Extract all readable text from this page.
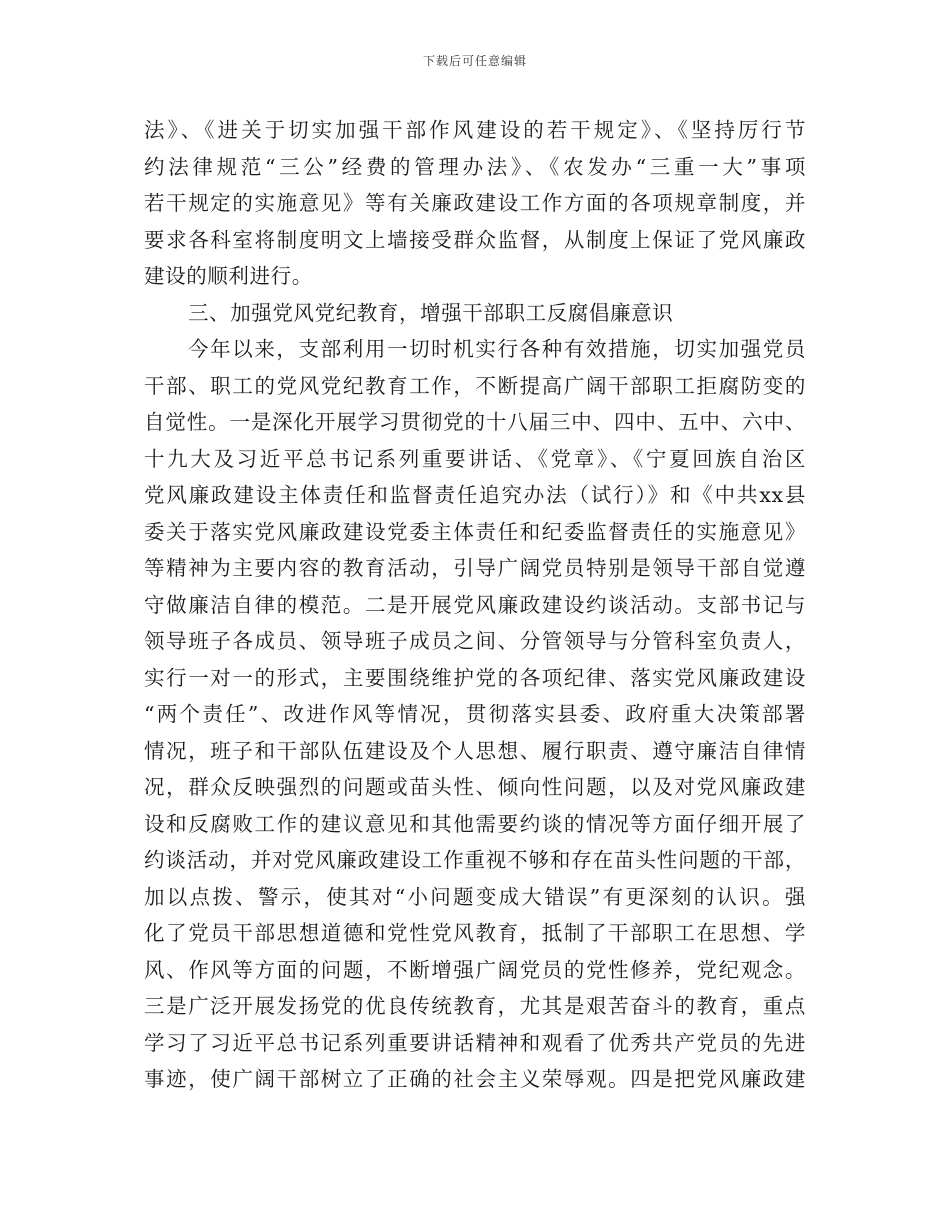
下载后可任意编辑
法》、《进关于切实加强干部作风建设的若干规定》、《坚持厉行节
约法律规范“三公”经费的管理办法》、《农发办“三重一大”事项
若干规定的实施意见》等有关廉政建设工作方面的各项规章制度，并
要求各科室将制度明文上墙接受群众监督，从制度上保证了党风廉政
建设的顺利进行。
三、加强党风党纪教育，增强干部职工反腐倡廉意识
今年以来，支部利用一切时机实行各种有效措施，切实加强党员
干部、职工的党风党纪教育工作，不断提高广阔干部职工拒腐防变的
自觉性。一是深化开展学习贯彻党的十八届三中、四中、五中、六中、
十九大及习近平总书记系列重要讲话、《党章》、《宁夏回族自治区
党风廉政建设主体责任和监督责任追究办法（试行）》和《中共xx县
委关于落实党风廉政建设党委主体责任和纪委监督责任的实施意见》
等精神为主要内容的教育活动，引导广阔党员特别是领导干部自觉遵
守做廉洁自律的模范。二是开展党风廉政建设约谈活动。支部书记与
领导班子各成员、领导班子成员之间、分管领导与分管科室负责人，
实行一对一的形式，主要围绕维护党的各项纪律、落实党风廉政建设
“两个责任”、改进作风等情况，贯彻落实县委、政府重大决策部署
情况，班子和干部队伍建设及个人思想、履行职责、遵守廉洁自律情
况，群众反映强烈的问题或苗头性、倾向性问题，以及对党风廉政建
设和反腐败工作的建议意见和其他需要约谈的情况等方面仔细开展了
约谈活动，并对党风廉政建设工作重视不够和存在苗头性问题的干部，
加以点拨、警示，使其对“小问题变成大错误”有更深刻的认识。强
化了党员干部思想道德和党性党风教育，抵制了干部职工在思想、学
风、作风等方面的问题，不断增强广阔党员的党性修养，党纪观念。
三是广泛开展发扬党的优良传统教育，尤其是艰苦奋斗的教育，重点
学习了习近平总书记系列重要讲话精神和观看了优秀共产党员的先进
事迹，使广阔干部树立了正确的社会主义荣辱观。四是把党风廉政建
